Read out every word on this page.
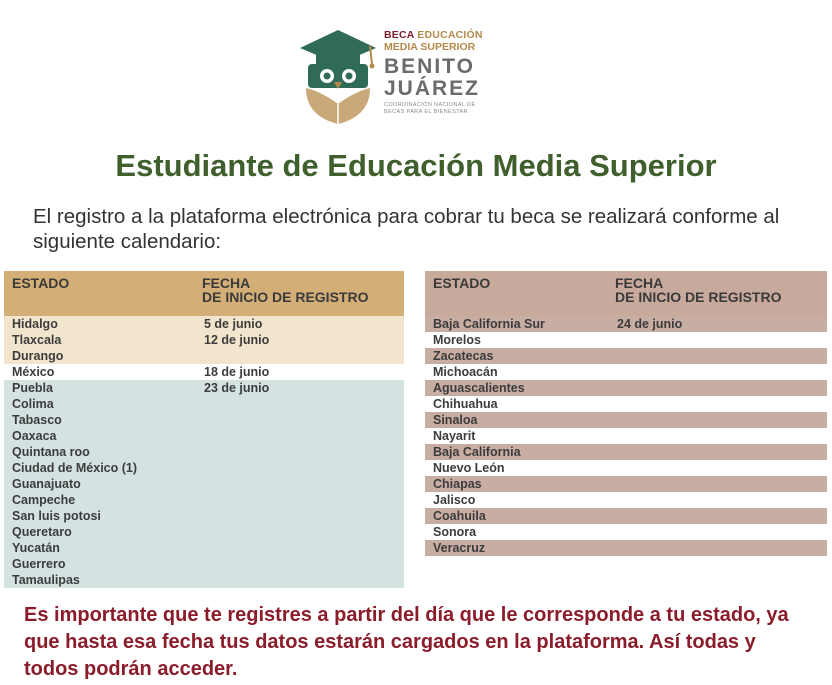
BECA EDUCACIÓN
MEDIA SUPERIOR
BENITO
JUÁREZ
COORDINACIÓN NACIONAL DE
BECAS PARA EL BIENESTAR
Estudiante de Educación Media Superior
El registro a la plataforma electrónica para cobrar tu beca se realizará conforme al siguiente calendario:
ESTADO	FECHA
DE INICIO DE REGISTRO

Hidalgo	5 de junio
Tlaxcala	12 de junio
Durango	
México	18 de junio
Puebla	23 de junio
Colima	
Tabasco	
Oaxaca	
Quintana roo	
Ciudad de México (1)	
Guanajuato	
Campeche	
San luis potosi	
Queretaro	
Yucatán	
Guerrero	
Tamaulipas	
ESTADO	FECHA
DE INICIO DE REGISTRO

Baja California Sur	24 de junio
Morelos	
Zacatecas	
Michoacán	
Aguascalientes	
Chihuahua	
Sinaloa	
Nayarit	
Baja California	
Nuevo León	
Chiapas	
Jalisco	
Coahuila	
Sonora	
Veracruz	
Es importante que te registres a partir del día que le corresponde a tu estado, ya que hasta esa fecha tus datos estarán cargados en la plataforma. Así todas y todos podrán acceder.
